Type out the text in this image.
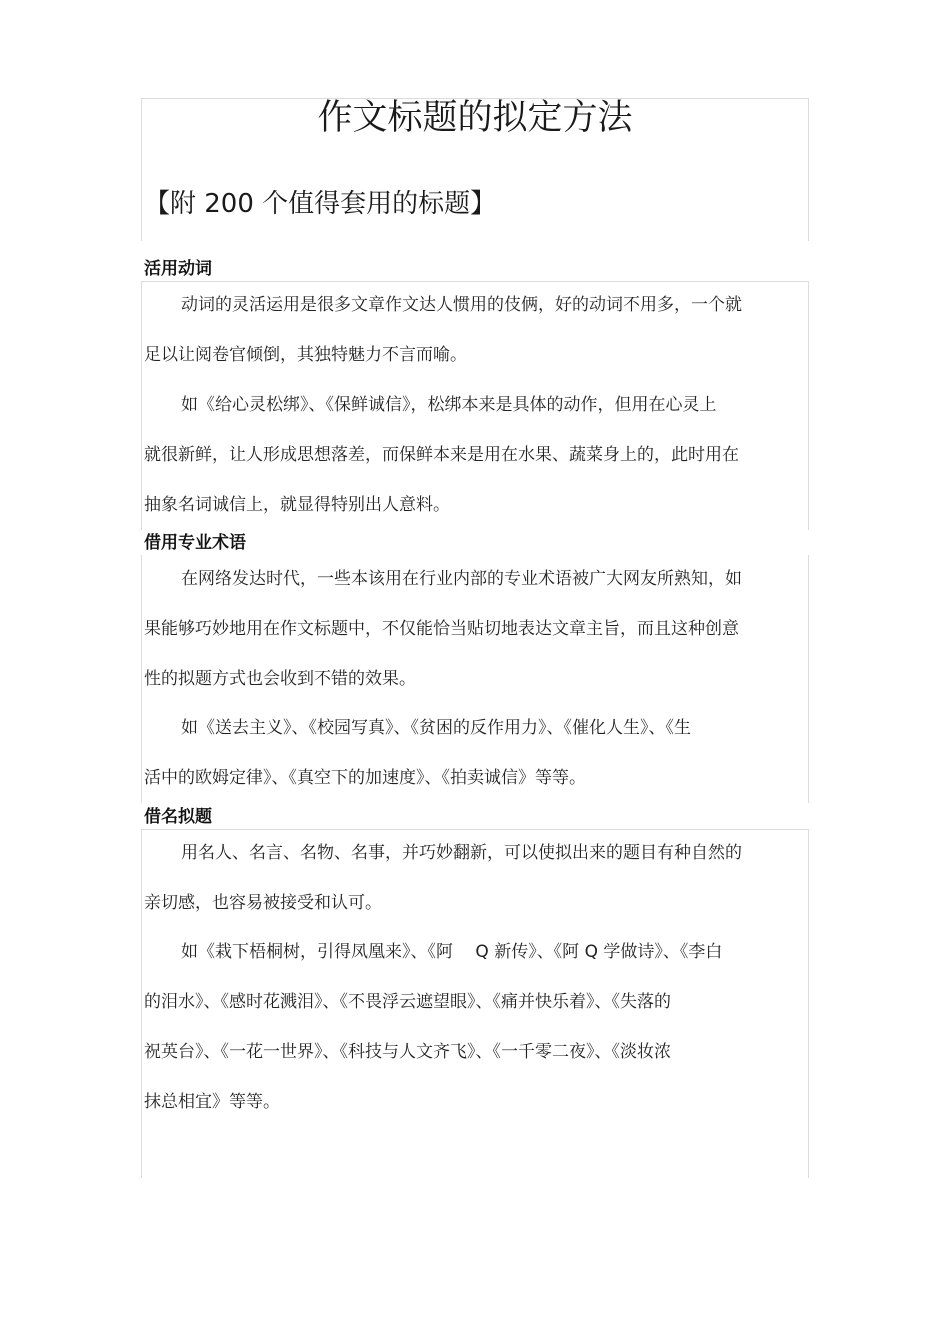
作文标题的拟定方法
【附 200 个值得套用的标题】
活用动词

动词的灵活运用是很多文章作文达人惯用的伎俩，好的动词不用多，一个就
足以让阅卷官倾倒，其独特魅力不言而喻。

如《给心灵松绑》、《保鲜诚信》，松绑本来是具体的动作，但用在心灵上
就很新鲜，让人形成思想落差，而保鲜本来是用在水果、蔬菜身上的，此时用在
抽象名词诚信上，就显得特别出人意料。

借用专业术语

在网络发达时代，一些本该用在行业内部的专业术语被广大网友所熟知，如
果能够巧妙地用在作文标题中，不仅能恰当贴切地表达文章主旨，而且这种创意
性的拟题方式也会收到不错的效果。

如《送去主义》、《校园写真》、《贫困的反作用力》、《催化人生》、《生
活中的欧姆定律》、《真空下的加速度》、《拍卖诚信》等等。

借名拟题

用名人、名言、名物、名事，并巧妙翻新，可以使拟出来的题目有种自然的
亲切感，也容易被接受和认可。

如《栽下梧桐树，引得凤凰来》、《阿　 Q 新传》、《阿 Q 学做诗》、《李白
的泪水》、《感时花溅泪》、《不畏浮云遮望眼》、《痛并快乐着》、《失落的
祝英台》、《一花一世界》、《科技与人文齐飞》、《一千零二夜》、《淡妆浓
抹总相宜》等等。
